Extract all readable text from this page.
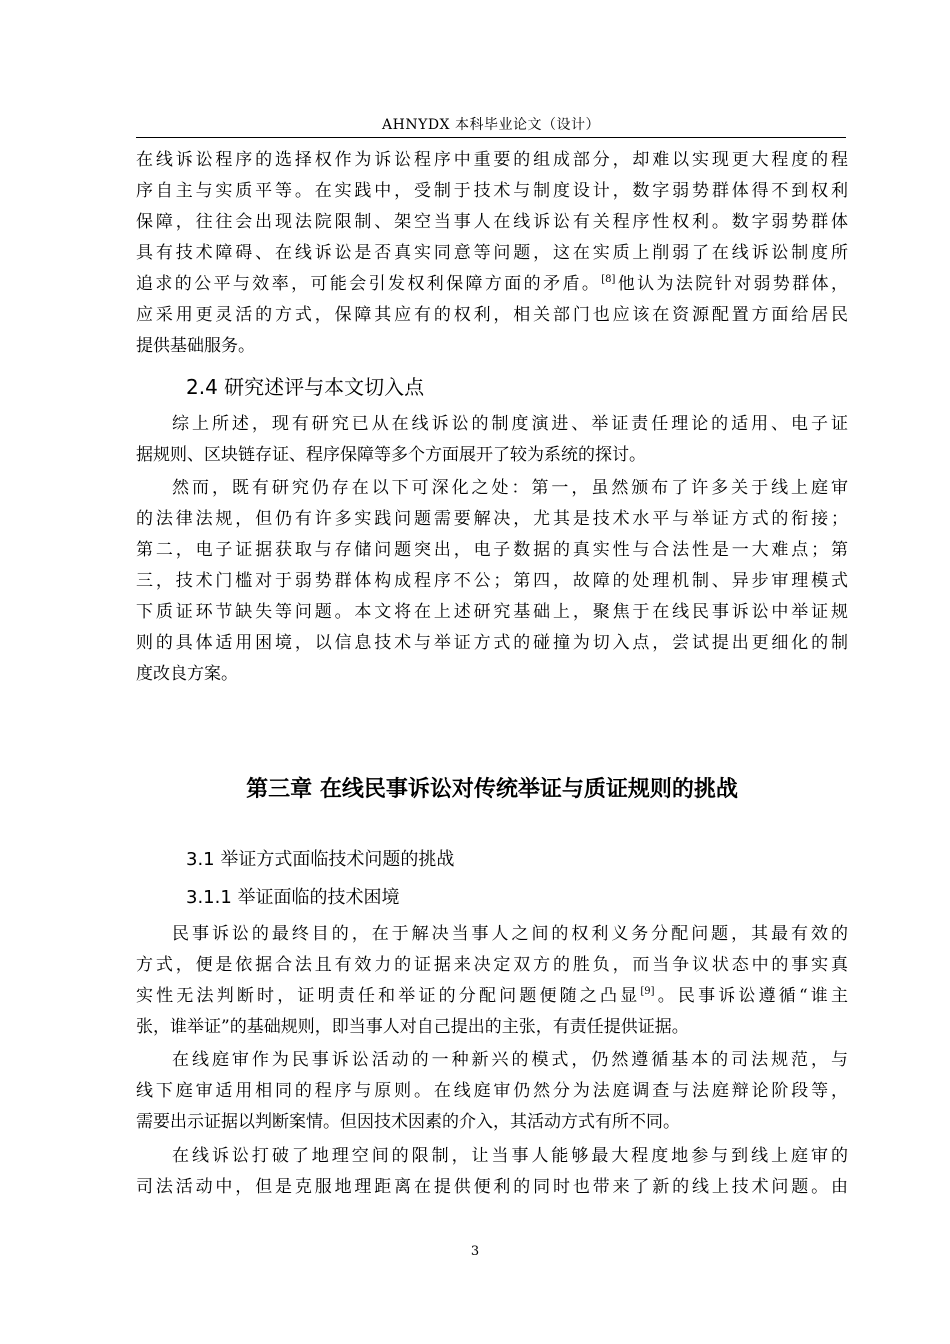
AHNYDX 本科毕业论文（设计）
在线诉讼程序的选择权作为诉讼程序中重要的组成部分，却难以实现更大程度的程
序自主与实质平等。在实践中，受制于技术与制度设计，数字弱势群体得不到权利
保障，往往会出现法院限制、架空当事人在线诉讼有关程序性权利。数字弱势群体
具有技术障碍、在线诉讼是否真实同意等问题，这在实质上削弱了在线诉讼制度所
追求的公平与效率，可能会引发权利保障方面的矛盾。[8]他认为法院针对弱势群体，
应采用更灵活的方式，保障其应有的权利，相关部门也应该在资源配置方面给居民
提供基础服务。
2.4 研究述评与本文切入点
综上所述，现有研究已从在线诉讼的制度演进、举证责任理论的适用、电子证
据规则、区块链存证、程序保障等多个方面展开了较为系统的探讨。
然而，既有研究仍存在以下可深化之处：第一，虽然颁布了许多关于线上庭审
的法律法规，但仍有许多实践问题需要解决，尤其是技术水平与举证方式的衔接；
第二，电子证据获取与存储问题突出，电子数据的真实性与合法性是一大难点；第
三，技术门槛对于弱势群体构成程序不公；第四，故障的处理机制、异步审理模式
下质证环节缺失等问题。本文将在上述研究基础上，聚焦于在线民事诉讼中举证规
则的具体适用困境，以信息技术与举证方式的碰撞为切入点，尝试提出更细化的制
度改良方案。
第三章 在线民事诉讼对传统举证与质证规则的挑战
3.1 举证方式面临技术问题的挑战
3.1.1 举证面临的技术困境
民事诉讼的最终目的，在于解决当事人之间的权利义务分配问题，其最有效的
方式，便是依据合法且有效力的证据来决定双方的胜负，而当争议状态中的事实真
实性无法判断时，证明责任和举证的分配问题便随之凸显[9]。民事诉讼遵循“谁主
张，谁举证”的基础规则，即当事人对自己提出的主张，有责任提供证据。
在线庭审作为民事诉讼活动的一种新兴的模式，仍然遵循基本的司法规范，与
线下庭审适用相同的程序与原则。在线庭审仍然分为法庭调查与法庭辩论阶段等，
需要出示证据以判断案情。但因技术因素的介入，其活动方式有所不同。
在线诉讼打破了地理空间的限制，让当事人能够最大程度地参与到线上庭审的
司法活动中，但是克服地理距离在提供便利的同时也带来了新的线上技术问题。由
3
